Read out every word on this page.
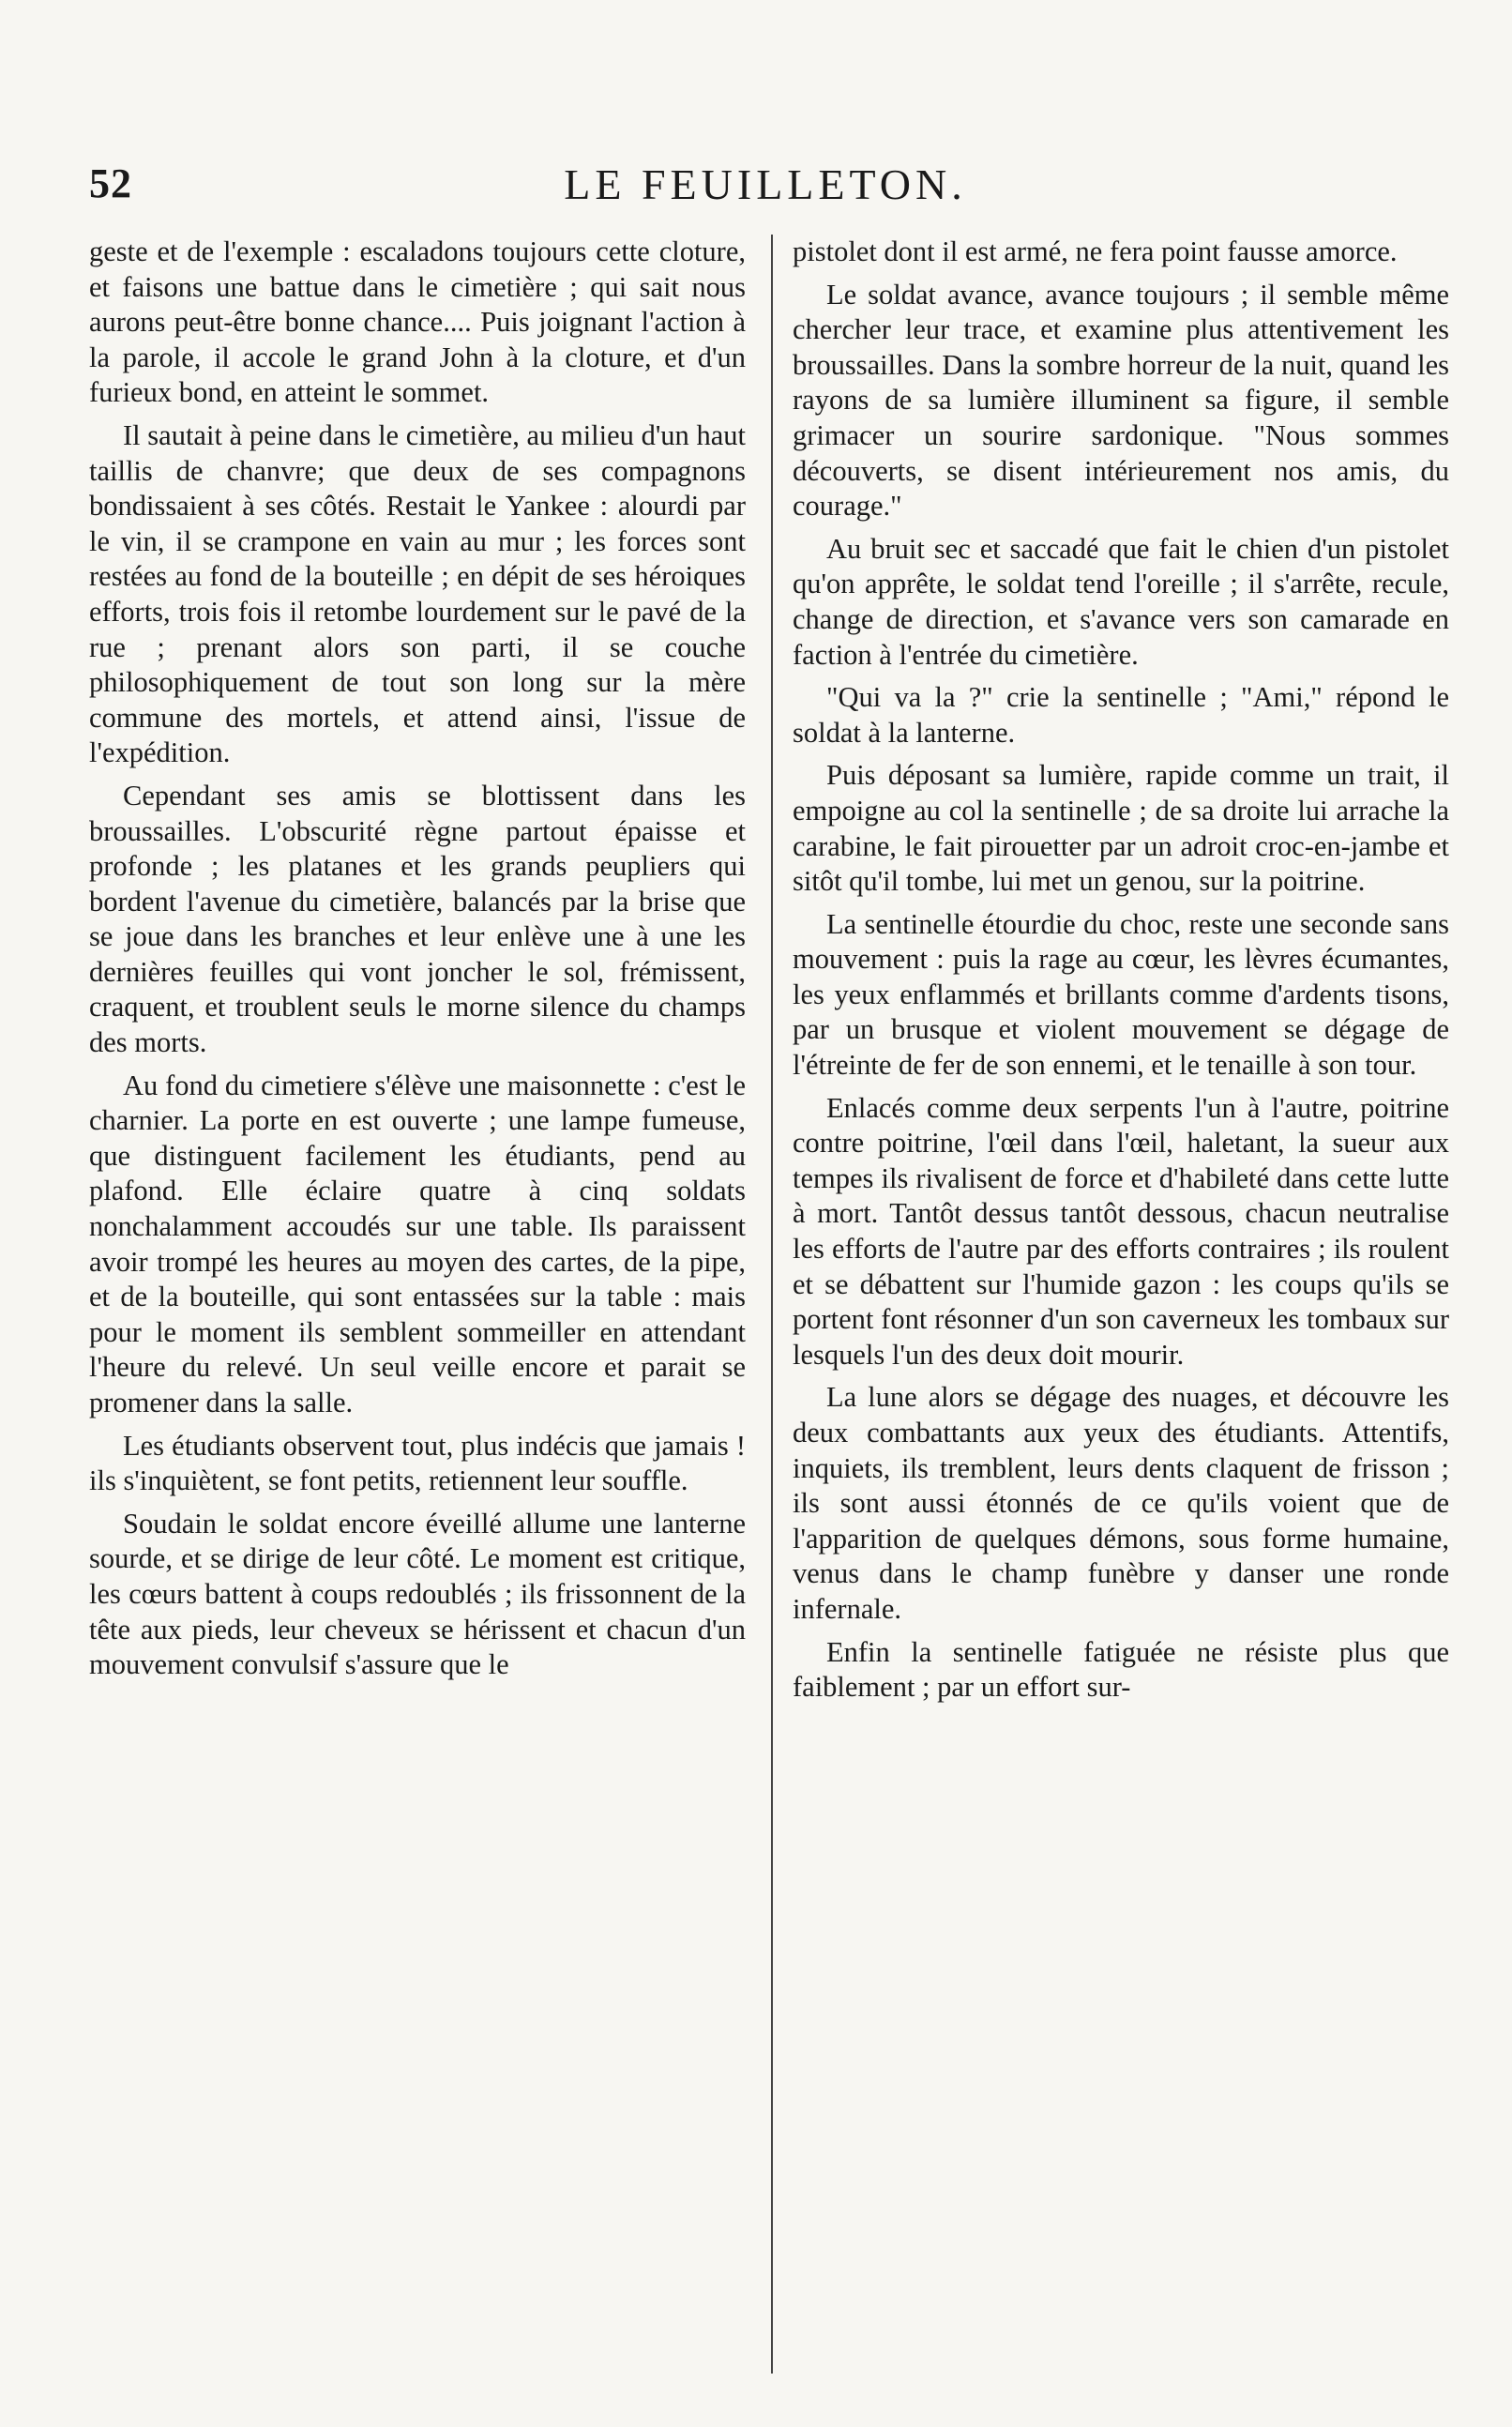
52	LE FEUILLETON.

geste et de l'exemple : escaladons toujours cette cloture, et faisons une battue dans le cimetière ; qui sait nous aurons peut-être bonne chance.... Puis joignant l'action à la parole, il accole le grand John à la cloture, et d'un furieux bond, en atteint le sommet.

Il sautait à peine dans le cimetière, au milieu d'un haut taillis de chanvre; que deux de ses compagnons bondissaient à ses côtés. Restait le Yankee : alourdi par le vin, il se crampone en vain au mur ; les forces sont restées au fond de la bouteille ; en dépit de ses héroiques efforts, trois fois il retombe lourdement sur le pavé de la rue ; prenant alors son parti, il se couche philosophiquement de tout son long sur la mère commune des mortels, et attend ainsi, l'issue de l'expédition.

Cependant ses amis se blottissent dans les broussailles. L'obscurité règne partout épaisse et profonde ; les platanes et les grands peupliers qui bordent l'avenue du cimetière, balancés par la brise que se joue dans les branches et leur enlève une à une les dernières feuilles qui vont joncher le sol, frémissent, craquent, et troublent seuls le morne silence du champs des morts.

Au fond du cimetiere s'élève une maisonnette : c'est le charnier. La porte en est ouverte ; une lampe fumeuse, que distinguent facilement les étudiants, pend au plafond. Elle éclaire quatre à cinq soldats nonchalamment accoudés sur une table. Ils paraissent avoir trompé les heures au moyen des cartes, de la pipe, et de la bouteille, qui sont entassées sur la table : mais pour le moment ils semblent sommeiller en attendant l'heure du relevé. Un seul veille encore et parait se promener dans la salle.

Les étudiants observent tout, plus indécis que jamais ! ils s'inquiètent, se font petits, retiennent leur souffle.

Soudain le soldat encore éveillé allume une lanterne sourde, et se dirige de leur côté. Le moment est critique, les cœurs battent à coups redoublés ; ils frissonnent de la tête aux pieds, leur cheveux se hérissent et chacun d'un mouvement convulsif s'assure que le

pistolet dont il est armé, ne fera point fausse amorce.

Le soldat avance, avance toujours ; il semble même chercher leur trace, et examine plus attentivement les broussailles. Dans la sombre horreur de la nuit, quand les rayons de sa lumière illuminent sa figure, il semble grimacer un sourire sardonique. "Nous sommes découverts, se disent intérieurement nos amis, du courage."

Au bruit sec et saccadé que fait le chien d'un pistolet qu'on apprête, le soldat tend l'oreille ; il s'arrête, recule, change de direction, et s'avance vers son camarade en faction à l'entrée du cimetière.

"Qui va la ?" crie la sentinelle ; "Ami," répond le soldat à la lanterne.

Puis déposant sa lumière, rapide comme un trait, il empoigne au col la sentinelle ; de sa droite lui arrache la carabine, le fait pirouetter par un adroit croc-en-jambe et sitôt qu'il tombe, lui met un genou, sur la poitrine.

La sentinelle étourdie du choc, reste une seconde sans mouvement : puis la rage au cœur, les lèvres écumantes, les yeux enflammés et brillants comme d'ardents tisons, par un brusque et violent mouvement se dégage de l'étreinte de fer de son ennemi, et le tenaille à son tour.

Enlacés comme deux serpents l'un à l'autre, poitrine contre poitrine, l'œil dans l'œil, haletant, la sueur aux tempes ils rivalisent de force et d'habileté dans cette lutte à mort. Tantôt dessus tantôt dessous, chacun neutralise les efforts de l'autre par des efforts contraires ; ils roulent et se débattent sur l'humide gazon : les coups qu'ils se portent font résonner d'un son caverneux les tombaux sur lesquels l'un des deux doit mourir.

La lune alors se dégage des nuages, et découvre les deux combattants aux yeux des étudiants. Attentifs, inquiets, ils tremblent, leurs dents claquent de frisson ; ils sont aussi étonnés de ce qu'ils voient que de l'apparition de quelques démons, sous forme humaine, venus dans le champ funèbre y danser une ronde infernale.

Enfin la sentinelle fatiguée ne résiste plus que faiblement ; par un effort sur-
